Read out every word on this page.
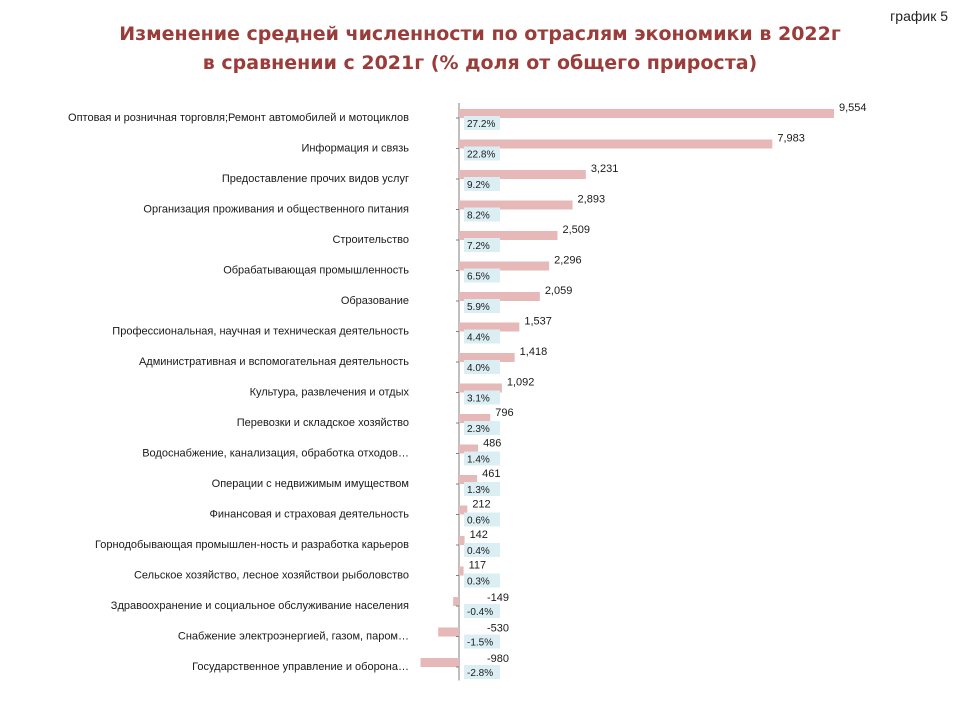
график 5
Изменение средней численности по отраслям экономики в 2022г
в сравнении с 2021г (% доля от общего прироста)
Оптовая и розничная торговля;Ремонт автомобилей и мотоциклов
9,554
27.2%
Информация и связь
7,983
22.8%
Предоставление прочих видов услуг
3,231
9.2%
Организация проживания и общественного питания
2,893
8.2%
Строительство
2,509
7.2%
Обрабатывающая промышленность
2,296
6.5%
Образование
2,059
5.9%
Профессиональная, научная и техническая деятельность
1,537
4.4%
Административная и вспомогательная деятельность
1,418
4.0%
Культура, развлечения и отдых
1,092
3.1%
Перевозки и складское хозяйство
796
2.3%
Водоснабжение, канализация, обработка отходов…
486
1.4%
Операции с недвижимым имуществом
461
1.3%
Финансовая и страховая деятельность
212
0.6%
Горнодобывающая промышлен-ность и разработка карьеров
142
0.4%
Сельское хозяйство, лесное хозяйствои рыболовство
117
0.3%
Здравоохранение и социальное обслуживание населения
-149
-0.4%
Снабжение электроэнергией, газом, паром…
-530
-1.5%
Государственное управление и оборона…
-980
-2.8%
